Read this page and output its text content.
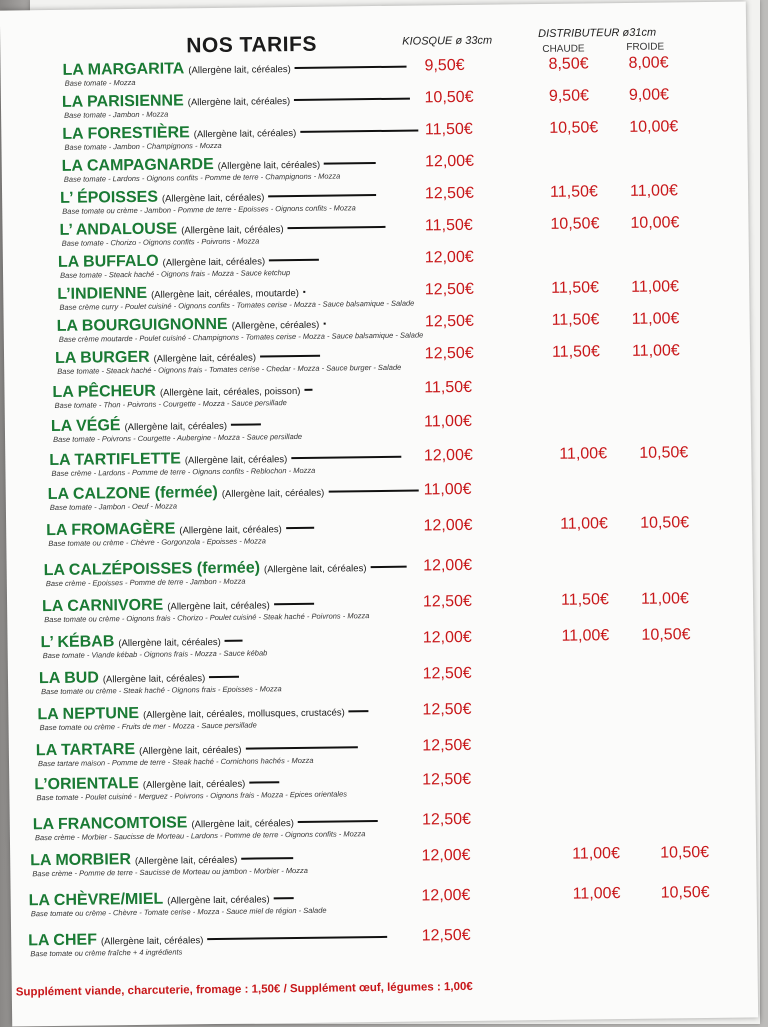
NOS TARIFS	KIOSQUE ø 33cm
DISTRIBUTEUR ø31cm
CHAUDE	FROIDE
LA MARGARITA (Allergène lait, céréales)
Base tomate - Mozza
9,50€	8,50€ 8,00€
LA PARISIENNE (Allergène lait, céréales)
Base tomate - Jambon - Mozza
10,50€	9,50€ 9,00€
LA FORESTIÈRE (Allergène lait, céréales)
Base tomate - Jambon - Champignons - Mozza
11,50€	10,50€ 10,00€
LA CAMPAGNARDE (Allergène lait, céréales)
Base tomate - Lardons - Oignons confits - Pomme de terre - Champignons - Mozza
12,00€
L’ ÉPOISSES (Allergène lait, céréales)
Base tomate ou crème - Jambon - Pomme de terre - Epoisses - Oignons confits - Mozza
12,50€	11,50€ 11,00€
L’ ANDALOUSE (Allergène lait, céréales)
Base tomate - Chorizo - Oignons confits - Poivrons - Mozza
11,50€	10,50€ 10,00€
LA BUFFALO (Allergène lait, céréales)
Base tomate - Steack haché - Oignons frais - Mozza - Sauce ketchup
12,00€
L’INDIENNE (Allergène lait, céréales, moutarde)
Base crème curry - Poulet cuisiné - Oignons confits - Tomates cerise - Mozza - Sauce balsamique - Salade
12,50€	11,50€ 11,00€
LA BOURGUIGNONNE (Allergène, céréales)
Base crème moutarde - Poulet cuisiné - Champignons - Tomates cerise - Mozza - Sauce balsamique - Salade
12,50€	11,50€ 11,00€
LA BURGER (Allergène lait, céréales)
Base tomate - Steack haché - Oignons frais - Tomates cerise - Chedar - Mozza - Sauce burger - Salade
12,50€	11,50€ 11,00€
LA PÊCHEUR (Allergène lait, céréales, poisson)
Base tomate - Thon - Poivrons - Courgette - Mozza - Sauce persillade
11,50€
LA VÉGÉ (Allergène lait, céréales)
Base tomate - Poivrons - Courgette - Aubergine - Mozza - Sauce persillade
11,00€
LA TARTIFLETTE (Allergène lait, céréales)
Base crème - Lardons - Pomme de terre - Oignons confits - Reblochon - Mozza
12,00€	11,00€ 10,50€
LA CALZONE (fermée) (Allergène lait, céréales)
Base tomate - Jambon - Oeuf - Mozza
11,00€
LA FROMAGÈRE (Allergène lait, céréales)
Base tomate ou crème - Chèvre - Gorgonzola - Epoisses - Mozza
12,00€	11,00€ 10,50€
LA CALZÉPOISSES (fermée) (Allergène lait, céréales)
Base crème - Epoisses - Pomme de terre - Jambon - Mozza
12,00€
LA CARNIVORE (Allergène lait, céréales)
Base tomate ou crème - Oignons frais - Chorizo - Poulet cuisiné - Steak haché - Poivrons - Mozza
12,50€	11,50€ 11,00€
L’ KÉBAB (Allergène lait, céréales)
Base tomate - Viande kébab - Oignons frais - Mozza - Sauce kébab
12,00€	11,00€ 10,50€
LA BUD (Allergène lait, céréales)
Base tomate ou crème - Steak haché - Oignons frais - Epoisses - Mozza
12,50€
LA NEPTUNE (Allergène lait, céréales, mollusques, crustacés)
Base tomate ou crème - Fruits de mer - Mozza - Sauce persillade
12,50€
LA TARTARE (Allergène lait, céréales)
Base tartare maison - Pomme de terre - Steak haché - Cornichons hachés - Mozza
12,50€
L’ORIENTALE (Allergène lait, céréales)
Base tomate - Poulet cuisiné - Merguez - Poivrons - Oignons frais - Mozza - Epices orientales
12,50€
LA FRANCOMTOISE (Allergène lait, céréales)
Base crème - Morbier - Saucisse de Morteau - Lardons - Pomme de terre - Oignons confits - Mozza
12,50€
LA MORBIER (Allergène lait, céréales)
Base crème - Pomme de terre - Saucisse de Morteau ou jambon - Morbier - Mozza
12,00€	11,00€	10,50€
LA CHÈVRE/MIEL (Allergène lait, céréales)
Base tomate ou crème - Chèvre - Tomate cerise - Mozza - Sauce miel de région - Salade
12,00€	11,00€	10,50€
LA CHEF (Allergène lait, céréales)
Base tomate ou crème fraîche + 4 ingrédients
12,50€
Supplément viande, charcuterie, fromage : 1,50€ / Supplément œuf, légumes : 1,00€
